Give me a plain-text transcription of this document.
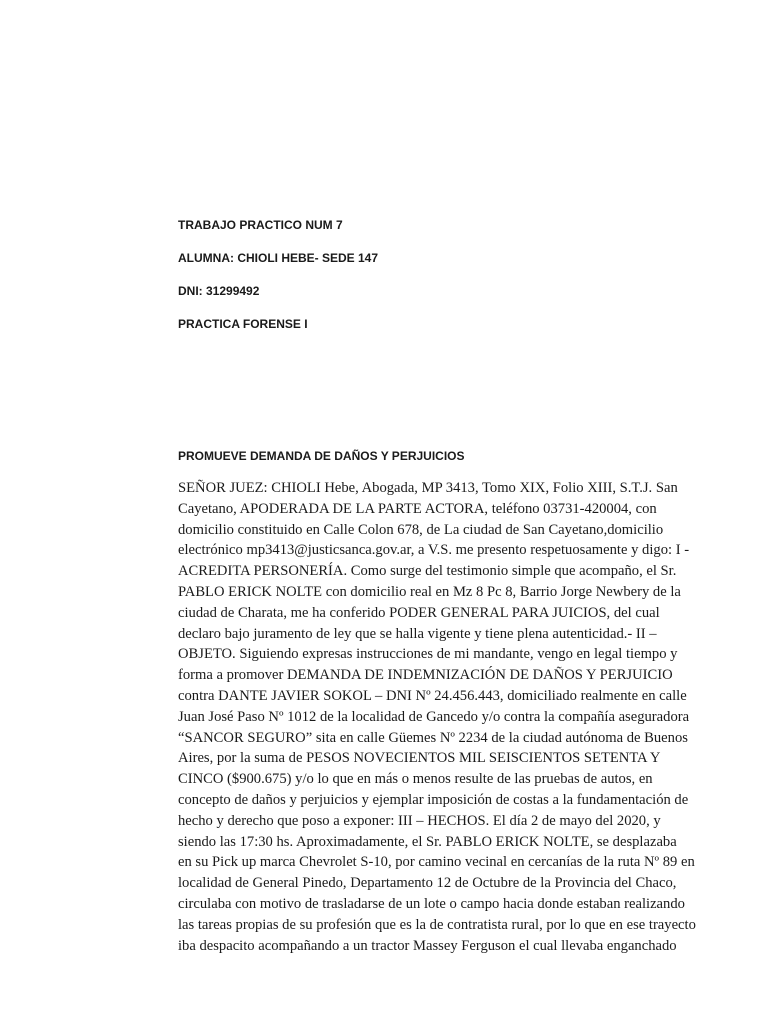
TRABAJO PRACTICO NUM 7
ALUMNA: CHIOLI HEBE- SEDE 147
DNI: 31299492
PRACTICA FORENSE I
PROMUEVE DEMANDA DE DAÑOS Y PERJUICIOS
SEÑOR JUEZ: CHIOLI Hebe, Abogada, MP 3413, Tomo XIX, Folio XIII, S.T.J. San
Cayetano, APODERADA DE LA PARTE ACTORA, teléfono 03731-420004, con
domicilio constituido en Calle Colon 678, de La ciudad de San Cayetano,domicilio
electrónico mp3413@justicsanca.gov.ar, a V.S. me presento respetuosamente y digo: I -
ACREDITA PERSONERÍA. Como surge del testimonio simple que acompaño, el Sr.
PABLO ERICK NOLTE con domicilio real en Mz 8 Pc 8, Barrio Jorge Newbery de la
ciudad de Charata, me ha conferido PODER GENERAL PARA JUICIOS, del cual
declaro bajo juramento de ley que se halla vigente y tiene plena autenticidad.- II –
OBJETO. Siguiendo expresas instrucciones de mi mandante, vengo en legal tiempo y
forma a promover DEMANDA DE INDEMNIZACIÓN DE DAÑOS Y PERJUICIO
contra DANTE JAVIER SOKOL – DNI Nº 24.456.443, domiciliado realmente en calle
Juan José Paso Nº 1012 de la localidad de Gancedo y/o contra la compañía aseguradora
“SANCOR SEGURO” sita en calle Güemes Nº 2234 de la ciudad autónoma de Buenos
Aires, por la suma de PESOS NOVECIENTOS MIL SEISCIENTOS SETENTA Y
CINCO ($900.675) y/o lo que en más o menos resulte de las pruebas de autos, en
concepto de daños y perjuicios y ejemplar imposición de costas a la fundamentación de
hecho y derecho que poso a exponer: III – HECHOS. El día 2 de mayo del 2020, y
siendo las 17:30 hs. Aproximadamente, el Sr. PABLO ERICK NOLTE, se desplazaba
en su Pick up marca Chevrolet S-10, por camino vecinal en cercanías de la ruta Nº 89 en
localidad de General Pinedo, Departamento 12 de Octubre de la Provincia del Chaco,
circulaba con motivo de trasladarse de un lote o campo hacia donde estaban realizando
las tareas propias de su profesión que es la de contratista rural, por lo que en ese trayecto
iba despacito acompañando a un tractor Massey Ferguson el cual llevaba enganchado
